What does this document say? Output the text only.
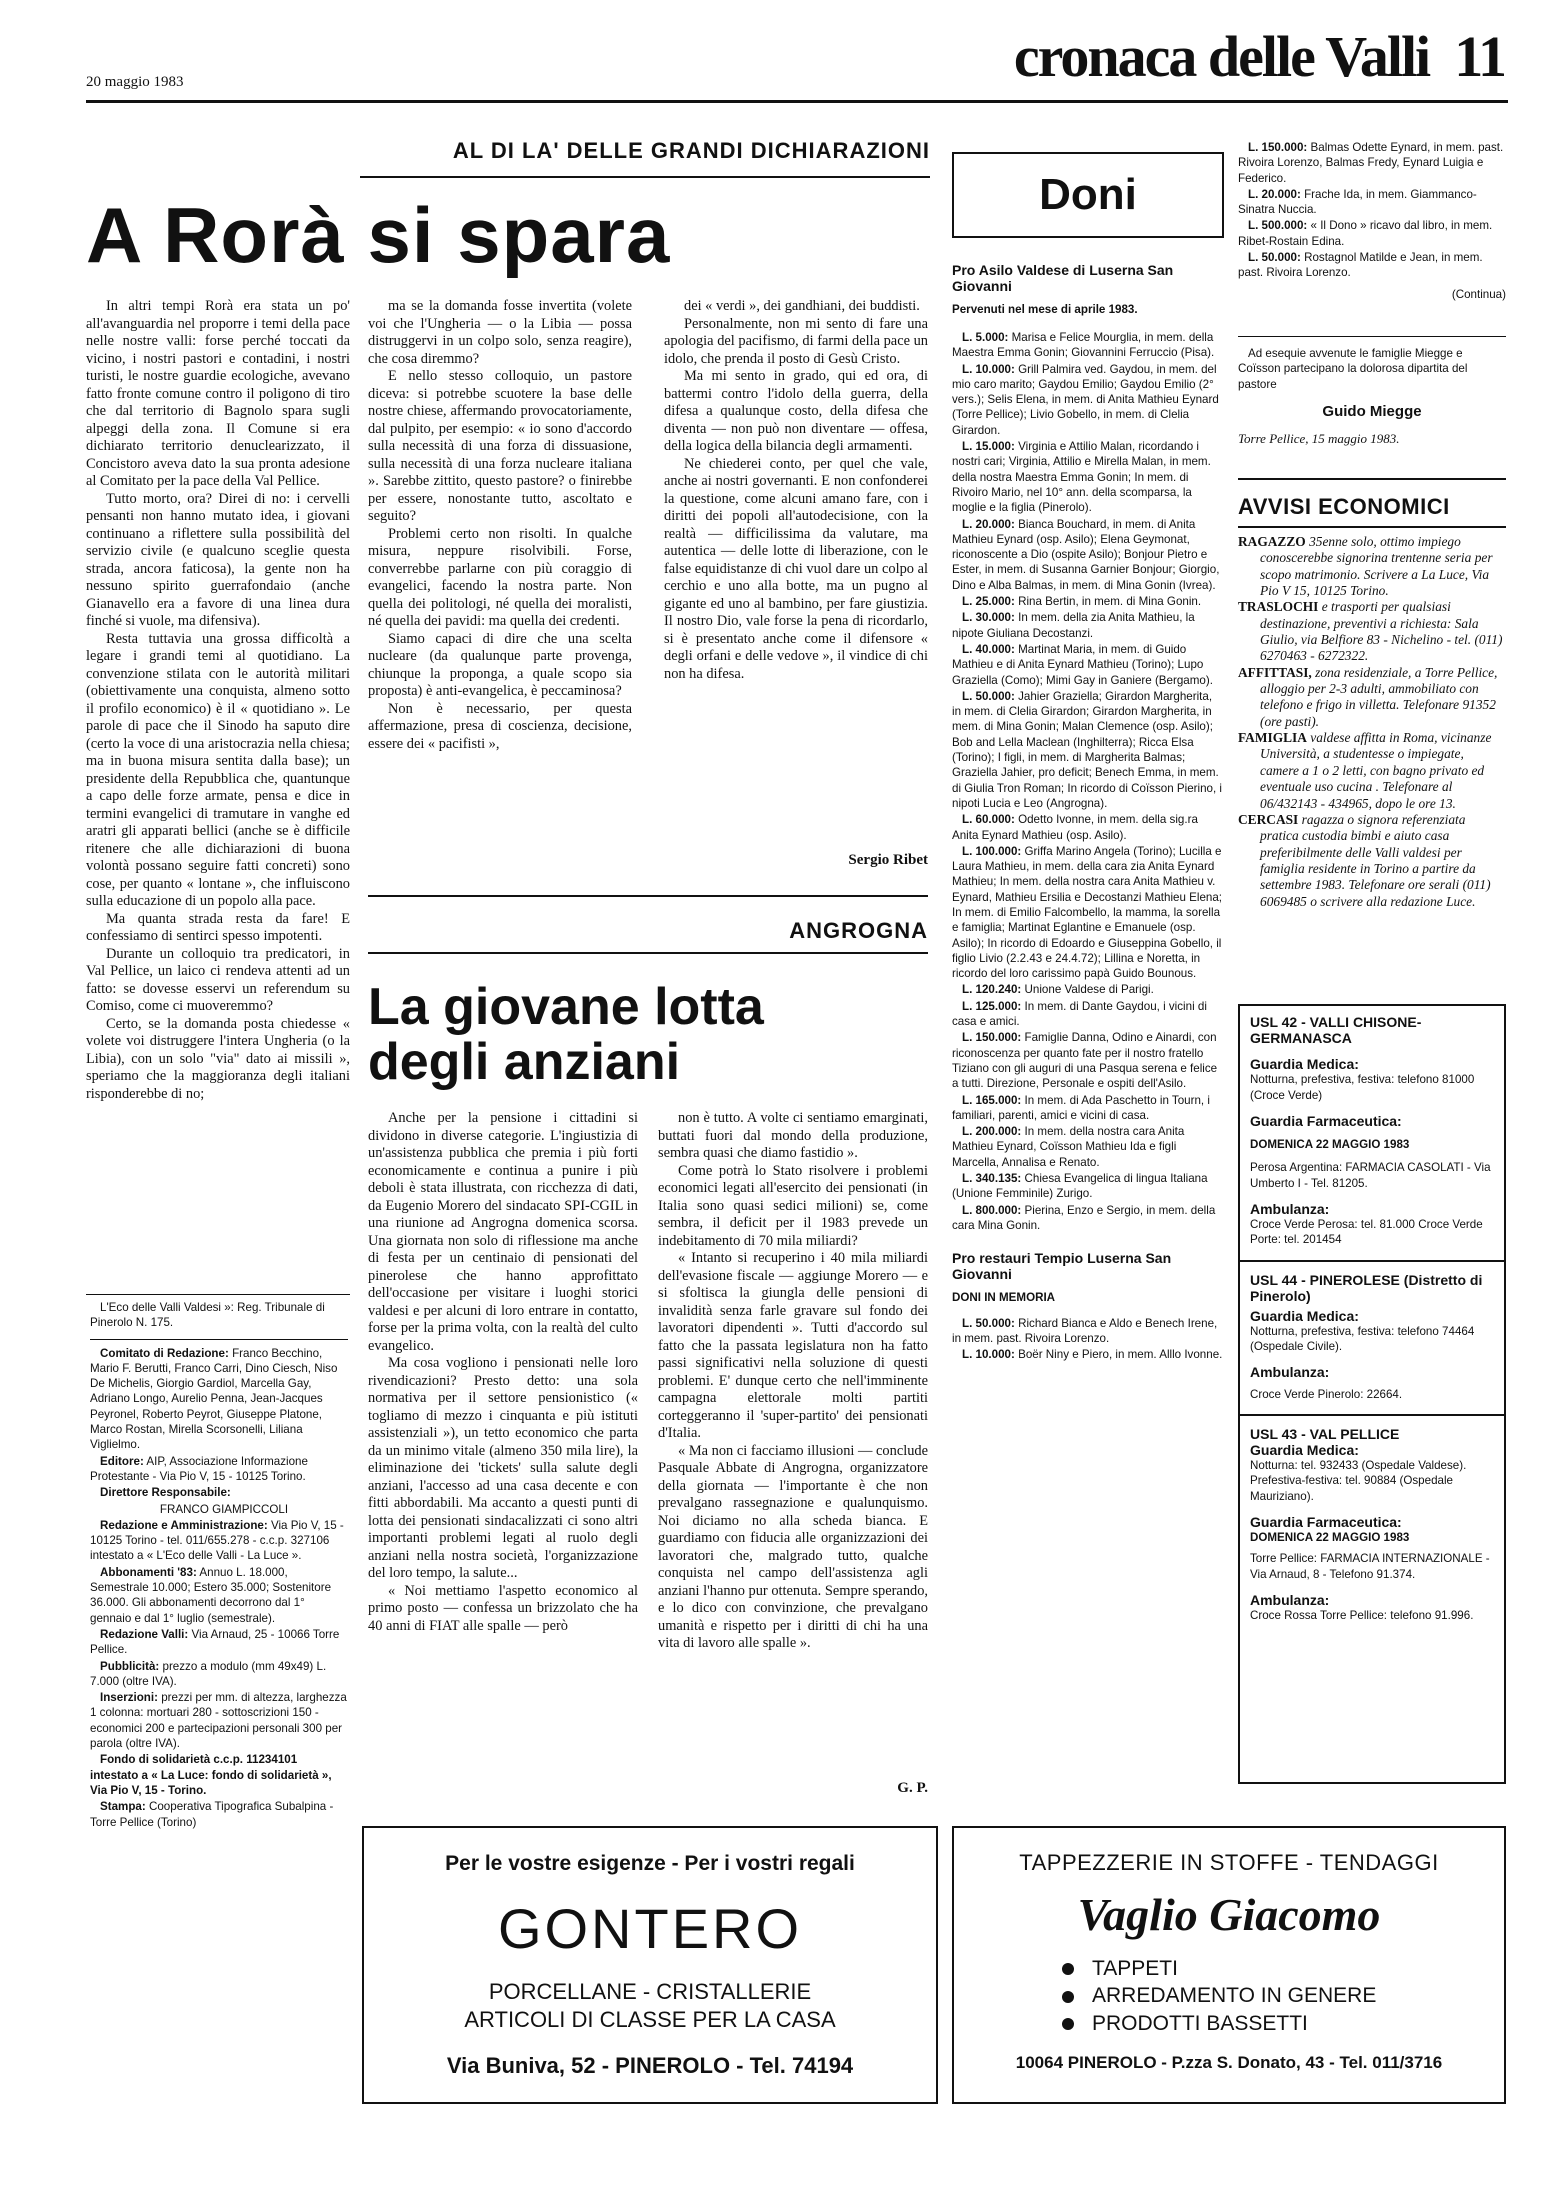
20 maggio 1983	cronaca delle Valli 11
AL DI LA' DELLE GRANDI DICHIARAZIONI
A Rorà si spara

In altri tempi Rorà era stata un po' all'avanguardia nel proporre i temi della pace nelle nostre valli: forse perché toccati da vicino, i nostri pastori e contadini, i nostri turisti, le nostre guardie ecologiche, avevano fatto fronte comune contro il poligono di tiro che dal territorio di Bagnolo spara sugli alpeggi della zona. Il Comune si era dichiarato territorio denuclearizzato, il Concistoro aveva dato la sua pronta adesione al Comitato per la pace della Val Pellice.

Tutto morto, ora? Direi di no: i cervelli pensanti non hanno mutato idea, i giovani continuano a riflettere sulla possibilità del servizio civile (e qualcuno sceglie questa strada, ancora faticosa), la gente non ha nessuno spirito guerrafondaio (anche Gianavello era a favore di una linea dura finché si vuole, ma difensiva).

Resta tuttavia una grossa difficoltà a legare i grandi temi al quotidiano. La convenzione stilata con le autorità militari (obiettivamente una conquista, almeno sotto il profilo economico) è il « quotidiano ». Le parole di pace che il Sinodo ha saputo dire (certo la voce di una aristocrazia nella chiesa; ma in buona misura sentita dalla base); un presidente della Repubblica che, quantunque a capo delle forze armate, pensa e dice in termini evangelici di tramutare in vanghe ed aratri gli apparati bellici (anche se è difficile ritenere che alle dichiarazioni di buona volontà possano seguire fatti concreti) sono cose, per quanto « lontane », che influiscono sulla educazione di un popolo alla pace.

Ma quanta strada resta da fare! E confessiamo di sentirci spesso impotenti.

Durante un colloquio tra predicatori, in Val Pellice, un laico ci rendeva attenti ad un fatto: se dovesse esservi un referendum su Comiso, come ci muoveremmo?

Certo, se la domanda posta chiedesse « volete voi distruggere l'intera Ungheria (o la Libia), con un solo "via" dato ai missili », speriamo che la maggioranza degli italiani risponderebbe di no;

ma se la domanda fosse invertita (volete voi che l'Ungheria — o la Libia — possa distruggervi in un colpo solo, senza reagire), che cosa diremmo?

E nello stesso colloquio, un pastore diceva: si potrebbe scuotere la base delle nostre chiese, affermando provocatoriamente, dal pulpito, per esempio: « io sono d'accordo sulla necessità di una forza di dissuasione, sulla necessità di una forza nucleare italiana ». Sarebbe zittito, questo pastore? o finirebbe per essere, nonostante tutto, ascoltato e seguito?

Problemi certo non risolti. In qualche misura, neppure risolvibili. Forse, converrebbe parlarne con più coraggio di evangelici, facendo la nostra parte. Non quella dei politologi, né quella dei moralisti, né quella dei pavidi: ma quella dei credenti.

Siamo capaci di dire che una scelta nucleare (da qualunque parte provenga, chiunque la proponga, a quale scopo sia proposta) è anti-evangelica, è peccaminosa?

Non è necessario, per questa affermazione, presa di coscienza, decisione, essere dei « pacifisti »,

dei « verdi », dei gandhiani, dei buddisti.

Personalmente, non mi sento di fare una apologia del pacifismo, di farmi della pace un idolo, che prenda il posto di Gesù Cristo.

Ma mi sento in grado, qui ed ora, di battermi contro l'idolo della guerra, della difesa a qualunque costo, della difesa che diventa — non può non diventare — offesa, della logica della bilancia degli armamenti.

Ne chiederei conto, per quel che vale, anche ai nostri governanti. E non confonderei la questione, come alcuni amano fare, con i diritti dei popoli all'autodecisione, con la realtà — difficilissima da valutare, ma autentica — delle lotte di liberazione, con le false equidistanze di chi vuol dare un colpo al cerchio e uno alla botte, ma un pugno al gigante ed uno al bambino, per fare giustizia. Il nostro Dio, vale forse la pena di ricordarlo, si è presentato anche come il difensore « degli orfani e delle vedove », il vindice di chi non ha difesa.

Sergio Ribet
ANGROGNA
La giovane lotta
degli anziani

Anche per la pensione i cittadini si dividono in diverse categorie. L'ingiustizia di un'assistenza pubblica che premia i più forti economicamente e continua a punire i più deboli è stata illustrata, con ricchezza di dati, da Eugenio Morero del sindacato SPI-CGIL in una riunione ad Angrogna domenica scorsa. Una giornata non solo di riflessione ma anche di festa per un centinaio di pensionati del pinerolese che hanno approfittato dell'occasione per visitare i luoghi storici valdesi e per alcuni di loro entrare in contatto, forse per la prima volta, con la realtà del culto evangelico.

Ma cosa vogliono i pensionati nelle loro rivendicazioni? Presto detto: una sola normativa per il settore pensionistico (« togliamo di mezzo i cinquanta e più istituti assistenziali »), un tetto economico che parta da un minimo vitale (almeno 350 mila lire), la eliminazione dei 'tickets' sulla salute degli anziani, l'accesso ad una casa decente e con fitti abbordabili. Ma accanto a questi punti di lotta dei pensionati sindacalizzati ci sono altri importanti problemi legati al ruolo degli anziani nella nostra società, l'organizzazione del loro tempo, la salute...

« Noi mettiamo l'aspetto economico al primo posto — confessa un brizzolato che ha 40 anni di FIAT alle spalle — però

non è tutto. A volte ci sentiamo emarginati, buttati fuori dal mondo della produzione, sembra quasi che diamo fastidio ».

Come potrà lo Stato risolvere i problemi economici legati all'esercito dei pensionati (in Italia sono quasi sedici milioni) se, come sembra, il deficit per il 1983 prevede un indebitamento di 70 mila miliardi?

« Intanto si recuperino i 40 mila miliardi dell'evasione fiscale — aggiunge Morero — e si sfoltisca la giungla delle pensioni di invalidità senza farle gravare sul fondo dei lavoratori dipendenti ». Tutti d'accordo sul fatto che la passata legislatura non ha fatto passi significativi nella soluzione di questi problemi. E' dunque certo che nell'imminente campagna elettorale molti partiti corteggeranno il 'super-partito' dei pensionati d'Italia.

« Ma non ci facciamo illusioni — conclude Pasquale Abbate di Angrogna, organizzatore della giornata — l'importante è che non prevalgano rassegnazione e qualunquismo. Noi diciamo no alla scheda bianca. E guardiamo con fiducia alle organizzazioni dei lavoratori che, malgrado tutto, qualche conquista nel campo dell'assistenza agli anziani l'hanno pur ottenuta. Sempre sperando, e lo dico con convinzione, che prevalgano umanità e rispetto per i diritti di chi ha una vita di lavoro alle spalle ».

G. P.

L'Eco delle Valli Valdesi »: Reg. Tribunale di Pinerolo N. 175.

Comitato di Redazione: Franco Becchino, Mario F. Berutti, Franco Carri, Dino Ciesch, Niso De Michelis, Giorgio Gardiol, Marcella Gay, Adriano Longo, Aurelio Penna, Jean-Jacques Peyronel, Roberto Peyrot, Giuseppe Platone, Marco Rostan, Mirella Scorsonelli, Liliana Viglielmo.

Editore: AIP, Associazione Informazione Protestante - Via Pio V, 15 - 10125 Torino.

Direttore Responsabile:

FRANCO GIAMPICCOLI

Redazione e Amministrazione: Via Pio V, 15 - 10125 Torino - tel. 011/655.278 - c.c.p. 327106 intestato a « L'Eco delle Valli - La Luce ».

Abbonamenti '83: Annuo L. 18.000, Semestrale 10.000; Estero 35.000; Sostenitore 36.000. Gli abbonamenti decorrono dal 1° gennaio e dal 1° luglio (semestrale).

Redazione Valli: Via Arnaud, 25 - 10066 Torre Pellice.

Pubblicità: prezzo a modulo (mm 49x49) L. 7.000 (oltre IVA).

Inserzioni: prezzi per mm. di altezza, larghezza 1 colonna: mortuari 280 - sottoscrizioni 150 - economici 200 e partecipazioni personali 300 per parola (oltre IVA).

Fondo di solidarietà c.c.p. 11234101 intestato a « La Luce: fondo di solidarietà », Via Pio V, 15 - Torino.

Stampa: Cooperativa Tipografica Subalpina - Torre Pellice (Torino)

Doni
Pro Asilo Valdese di Luserna San Giovanni
Pervenuti nel mese di aprile 1983.

L. 5.000: Marisa e Felice Mourglia, in mem. della Maestra Emma Gonin; Giovannini Ferruccio (Pisa).

L. 10.000: Grill Palmira ved. Gaydou, in mem. del mio caro marito; Gaydou Emilio; Gaydou Emilio (2° vers.); Selis Elena, in mem. di Anita Mathieu Eynard (Torre Pellice); Livio Gobello, in mem. di Clelia Girardon.

L. 15.000: Virginia e Attilio Malan, ricordando i nostri cari; Virginia, Attilio e Mirella Malan, in mem. della nostra Maestra Emma Gonin; In mem. di Rivoiro Mario, nel 10° ann. della scomparsa, la moglie e la figlia (Pinerolo).

L. 20.000: Bianca Bouchard, in mem. di Anita Mathieu Eynard (osp. Asilo); Elena Geymonat, riconoscente a Dio (ospite Asilo); Bonjour Pietro e Ester, in mem. di Susanna Garnier Bonjour; Giorgio, Dino e Alba Balmas, in mem. di Mina Gonin (Ivrea).

L. 25.000: Rina Bertin, in mem. di Mina Gonin.

L. 30.000: In mem. della zia Anita Mathieu, la nipote Giuliana Decostanzi.

L. 40.000: Martinat Maria, in mem. di Guido Mathieu e di Anita Eynard Mathieu (Torino); Lupo Graziella (Como); Mimi Gay in Ganiere (Bergamo).

L. 50.000: Jahier Graziella; Girardon Margherita, in mem. di Clelia Girardon; Girardon Margherita, in mem. di Mina Gonin; Malan Clemence (osp. Asilo); Bob and Lella Maclean (Inghilterra); Ricca Elsa (Torino); I figli, in mem. di Margherita Balmas; Graziella Jahier, pro deficit; Benech Emma, in mem. di Giulia Tron Roman; In ricordo di Coïsson Pierino, i nipoti Lucia e Leo (Angrogna).

L. 60.000: Odetto Ivonne, in mem. della sig.ra Anita Eynard Mathieu (osp. Asilo).

L. 100.000: Griffa Marino Angela (Torino); Lucilla e Laura Mathieu, in mem. della cara zia Anita Eynard Mathieu; In mem. della nostra cara Anita Mathieu v. Eynard, Mathieu Ersilia e Decostanzi Mathieu Elena; In mem. di Emilio Falcombello, la mamma, la sorella e famiglia; Martinat Eglantine e Emanuele (osp. Asilo); In ricordo di Edoardo e Giuseppina Gobello, il figlio Livio (2.2.43 e 24.4.72); Lillina e Noretta, in ricordo del loro carissimo papà Guido Bounous.

L. 120.240: Unione Valdese di Parigi.

L. 125.000: In mem. di Dante Gaydou, i vicini di casa e amici.

L. 150.000: Famiglie Danna, Odino e Ainardi, con riconoscenza per quanto fate per il nostro fratello Tiziano con gli auguri di una Pasqua serena e felice a tutti. Direzione, Personale e ospiti dell'Asilo.

L. 165.000: In mem. di Ada Paschetto in Tourn, i familiari, parenti, amici e vicini di casa.

L. 200.000: In mem. della nostra cara Anita Mathieu Eynard, Coïsson Mathieu Ida e figli Marcella, Annalisa e Renato.

L. 340.135: Chiesa Evangelica di lingua Italiana (Unione Femminile) Zurigo.

L. 800.000: Pierina, Enzo e Sergio, in mem. della cara Mina Gonin.

Pro restauri Tempio Luserna San Giovanni
DONI IN MEMORIA

L. 50.000: Richard Bianca e Aldo e Benech Irene, in mem. past. Rivoira Lorenzo.

L. 10.000: Boër Niny e Piero, in mem. Alllo Ivonne.

L. 150.000: Balmas Odette Eynard, in mem. past. Rivoira Lorenzo, Balmas Fredy, Eynard Luigia e Federico.

L. 20.000: Frache Ida, in mem. Giammanco-Sinatra Nuccia.

L. 500.000: « Il Dono » ricavo dal libro, in mem. Ribet-Rostain Edina.

L. 50.000: Rostagnol Matilde e Jean, in mem. past. Rivoira Lorenzo.

(Continua)

Ad esequie avvenute le famiglie Miegge e Coïsson partecipano la dolorosa dipartita del pastore

Guido Miegge
Torre Pellice, 15 maggio 1983.
AVVISI ECONOMICI

RAGAZZO 35enne solo, ottimo impiego conoscerebbe signorina trentenne seria per scopo matrimonio. Scrivere a La Luce, Via Pio V 15, 10125 Torino.

TRASLOCHI e trasporti per qualsiasi destinazione, preventivi a richiesta: Sala Giulio, via Belfiore 83 - Nichelino - tel. (011) 6270463 - 6272322.

AFFITTASI, zona residenziale, a Torre Pellice, alloggio per 2-3 adulti, ammobiliato con telefono e frigo in villetta. Telefonare 91352 (ore pasti).

FAMIGLIA valdese affitta in Roma, vicinanze Università, a studentesse o impiegate, camere a 1 o 2 letti, con bagno privato ed eventuale uso cucina . Telefonare al 06/432143 - 434965, dopo le ore 13.

CERCASI ragazza o signora referenziata pratica custodia bimbi e aiuto casa preferibilmente delle Valli valdesi per famiglia residente in Torino a partire da settembre 1983. Telefonare ore serali (011) 6069485 o scrivere alla redazione Luce.

USL 42 - VALLI CHISONE-GERMANASCA
Guardia Medica:
Notturna, prefestiva, festiva: telefono 81000 (Croce Verde)
Guardia Farmaceutica:
DOMENICA 22 MAGGIO 1983
Perosa Argentina: FARMACIA CASOLATI - Via Umberto I - Tel. 81205.
Ambulanza:
Croce Verde Perosa: tel. 81.000 Croce Verde Porte: tel. 201454
USL 44 - PINEROLESE (Distretto di Pinerolo)
Guardia Medica:
Notturna, prefestiva, festiva: telefono 74464 (Ospedale Civile).
Ambulanza:
Croce Verde Pinerolo: 22664.
USL 43 - VAL PELLICE
Guardia Medica:
Notturna: tel. 932433 (Ospedale Valdese). Prefestiva-festiva: tel. 90884 (Ospedale Mauriziano).
Guardia Farmaceutica:
DOMENICA 22 MAGGIO 1983
Torre Pellice: FARMACIA INTERNAZIONALE - Via Arnaud, 8 - Telefono 91.374.
Ambulanza:
Croce Rossa Torre Pellice: telefono 91.996.
Per le vostre esigenze - Per i vostri regali
GONTERO
PORCELLANE - CRISTALLERIE
ARTICOLI DI CLASSE PER LA CASA
Via Buniva, 52 - PINEROLO - Tel. 74194
TAPPEZZERIE IN STOFFE - TENDAGGI
Vaglio Giacomo
TAPPETI
ARREDAMENTO IN GENERE
PRODOTTI BASSETTI
10064 PINEROLO - P.zza S. Donato, 43 - Tel. 011/3716
